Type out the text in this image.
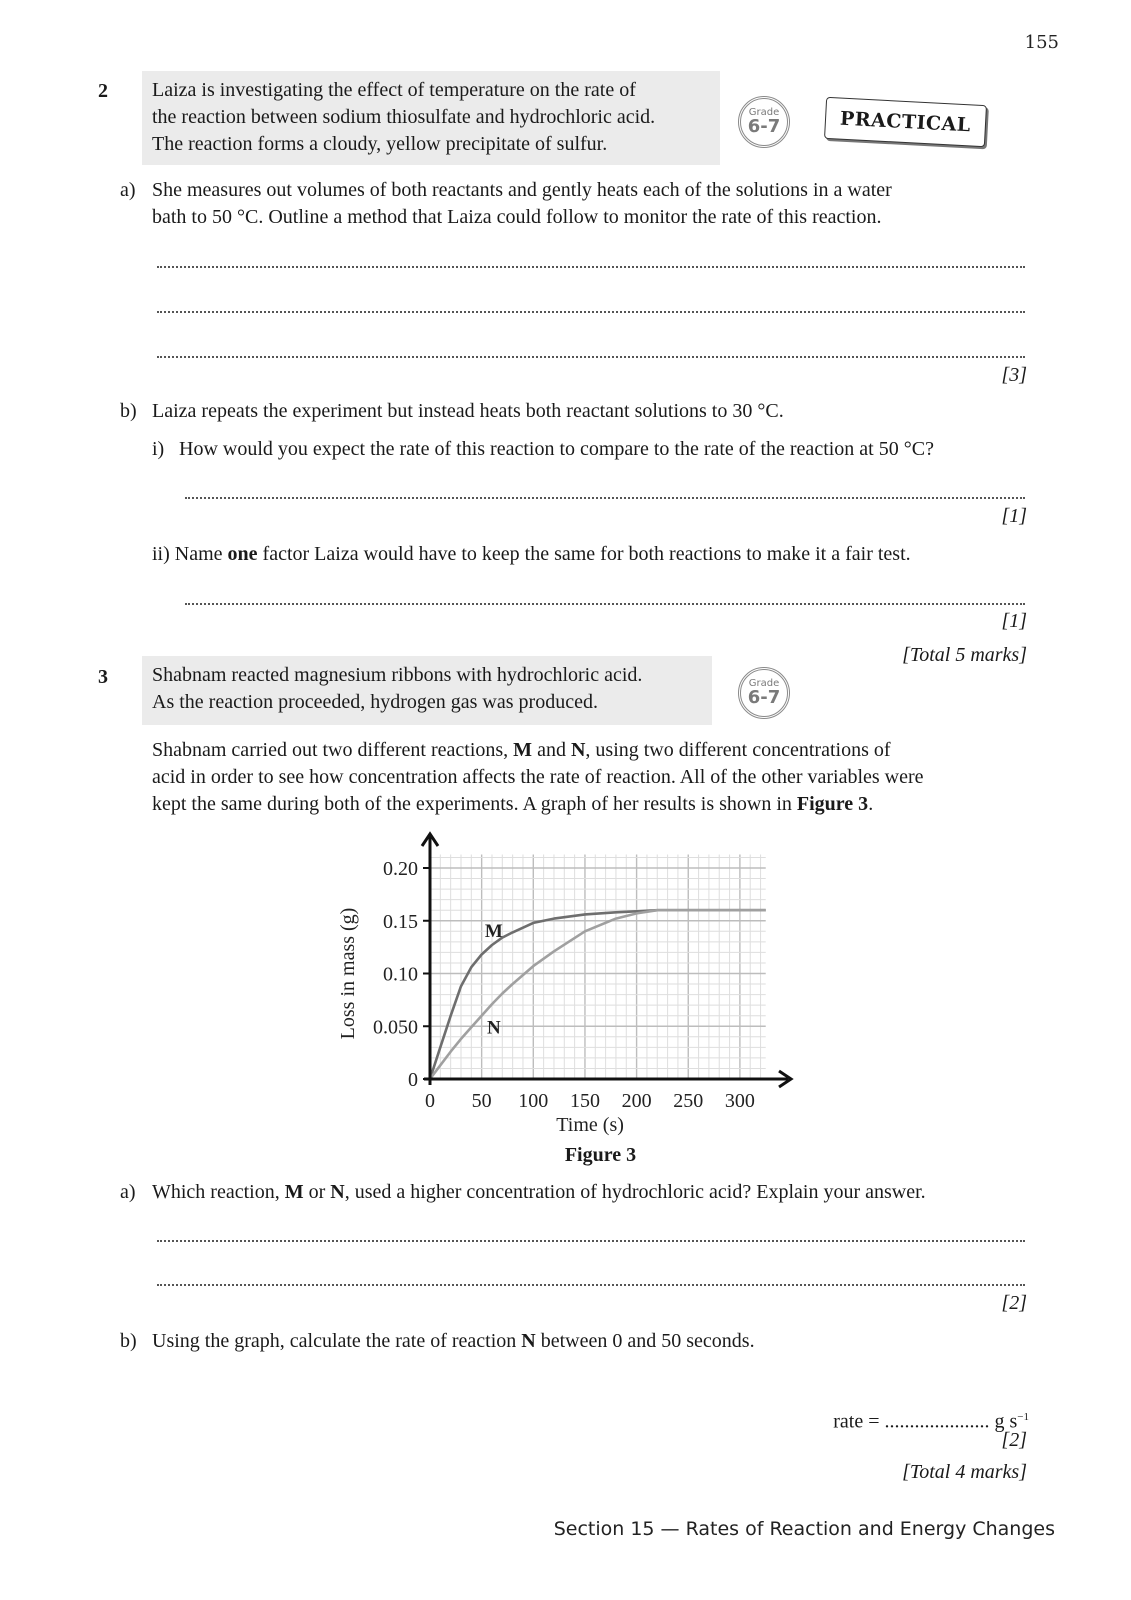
155
2 Laiza is investigating the effect of temperature on the rate of
the reaction between sodium thiosulfate and hydrochloric acid.
The reaction forms a cloudy, yellow precipitate of sulfur.
Grade
6-7	PRACTICAL
a) She measures out volumes of both reactants and gently heats each of the solutions in a water
bath to 50 °C. Outline a method that Laiza could follow to monitor the rate of this reaction.
[3]
b) Laiza repeats the experiment but instead heats both reactant solutions to 30 °C.
i) How would you expect the rate of this reaction to compare to the rate of the reaction at 50 °C?
[1]
ii) Name one factor Laiza would have to keep the same for both reactions to make it a fair test.
[1]
[Total 5 marks]
3 Shabnam reacted magnesium ribbons with hydrochloric acid.
As the reaction proceeded, hydrogen gas was produced.
Grade
6-7
Shabnam carried out two different reactions, M and N, using two different concentrations of
acid in order to see how concentration affects the rate of reaction. All of the other variables were
kept the same during both of the experiments. A graph of her results is shown in Figure 3.
0
0.050
0.10
0.15
0.20
0 50 100 150 200 250 300
Time (s)
Loss in mass (g)	M
N
Figure 3
a) Which reaction, M or N, used a higher concentration of hydrochloric acid? Explain your answer.
[2]
b) Using the graph, calculate the rate of reaction N between 0 and 50 seconds.
rate = ..................... g $s^{-1}$
[2]
[Total 4 marks]
Section 15 — Rates of Reaction and Energy Changes
